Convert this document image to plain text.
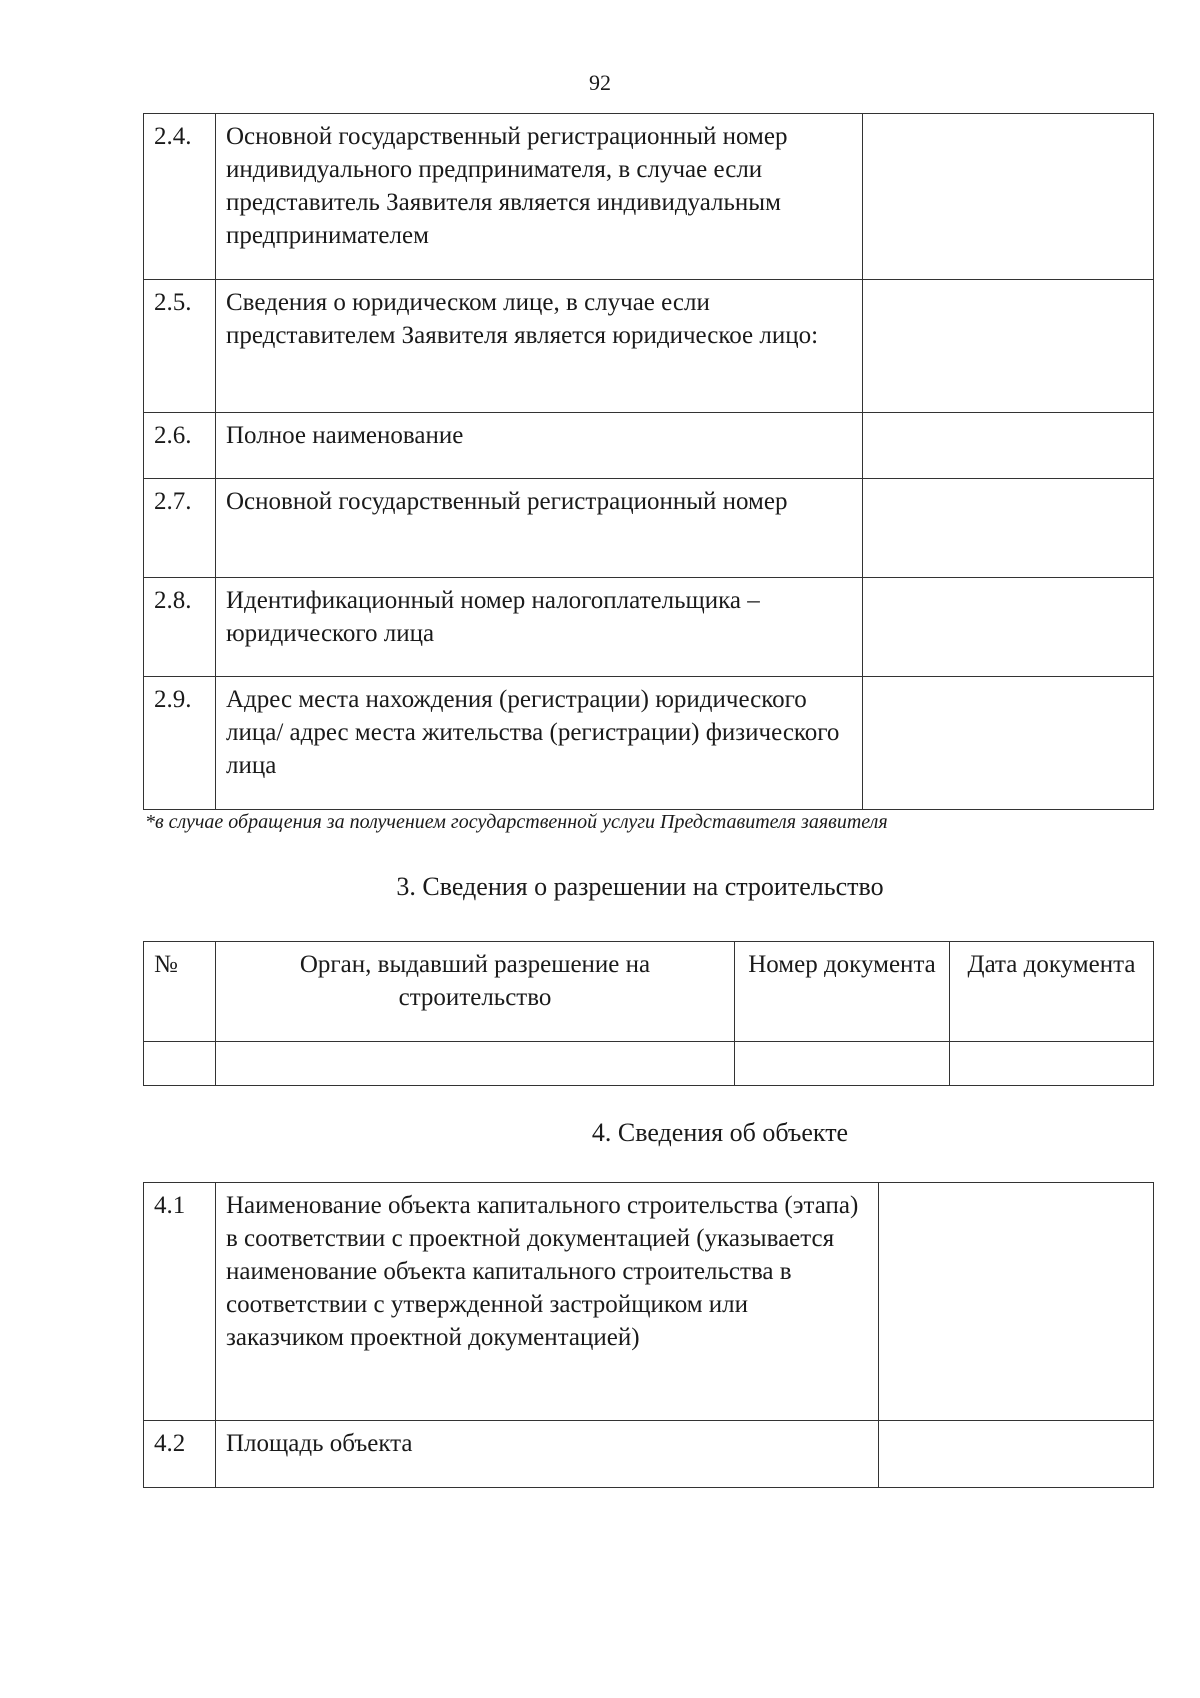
92
2.4.	Основной государственный регистрационный номер индивидуального предпринимателя, в случае если представитель Заявителя является индивидуальным предпринимателем	
2.5.	Сведения о юридическом лице, в случае если представителем Заявителя является юридическое лицо:	
2.6.	Полное наименование	
2.7.	Основной государственный регистрационный номер	
2.8.	Идентификационный номер налогоплательщика – юридического лица	
2.9.	Адрес места нахождения (регистрации) юридического лица/ адрес места жительства (регистрации) физического лица	
*в случае обращения за получением государственной услуги Представителя заявителя
3. Сведения о разрешении на строительство
№	Орган, выдавший разрешение на строительство	Номер документа	Дата документа

4. Сведения об объекте
4.1	Наименование объекта капитального строительства (этапа) в соответствии с проектной документацией (указывается наименование объекта капитального строительства в соответствии с утвержденной застройщиком или заказчиком проектной документацией)	
4.2	Площадь объекта	
